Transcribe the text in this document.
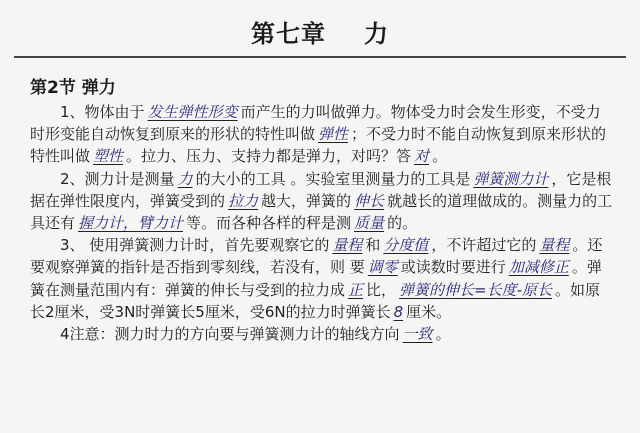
第七章 力
第2节 弹力

1、物体由于 发生弹性形变 而产生的力叫做弹力。物体受力时会发生形变，不受力时形变能自动恢复到原来的形状的特性叫做 弹性 ；不受力时不能自动恢复到原来形状的特性叫做 塑性 。拉力、压力、支持力都是弹力，对吗？答 对 。

2、测力计是测量 力 的大小的工具 。实验室里测量力的工具是 弹簧测力计 ，它是根据在弹性限度内，弹簧受到的 拉力 越大，弹簧的 伸长 就越长的道理做成的。测量力的工具还有 握力计，臂力计 等。而各种各样的秤是测 质量 的。

3、 使用弹簧测力计时，首先要观察它的 量程 和 分度值 ，不许超过它的 量程 。还要观察弹簧的指针是否指到零刻线，若没有，则 要 调零 或读数时要进行 加减修正 。弹簧在测量范围内有：弹簧的伸长与受到的拉力成 正 比， 弹簧的伸长=长度-原长 。如原长2厘米，受3N时弹簧长5厘米，受6N的拉力时弹簧长 8 厘米。

4注意：测力时力的方向要与弹簧测力计的轴线方向 一致 。
